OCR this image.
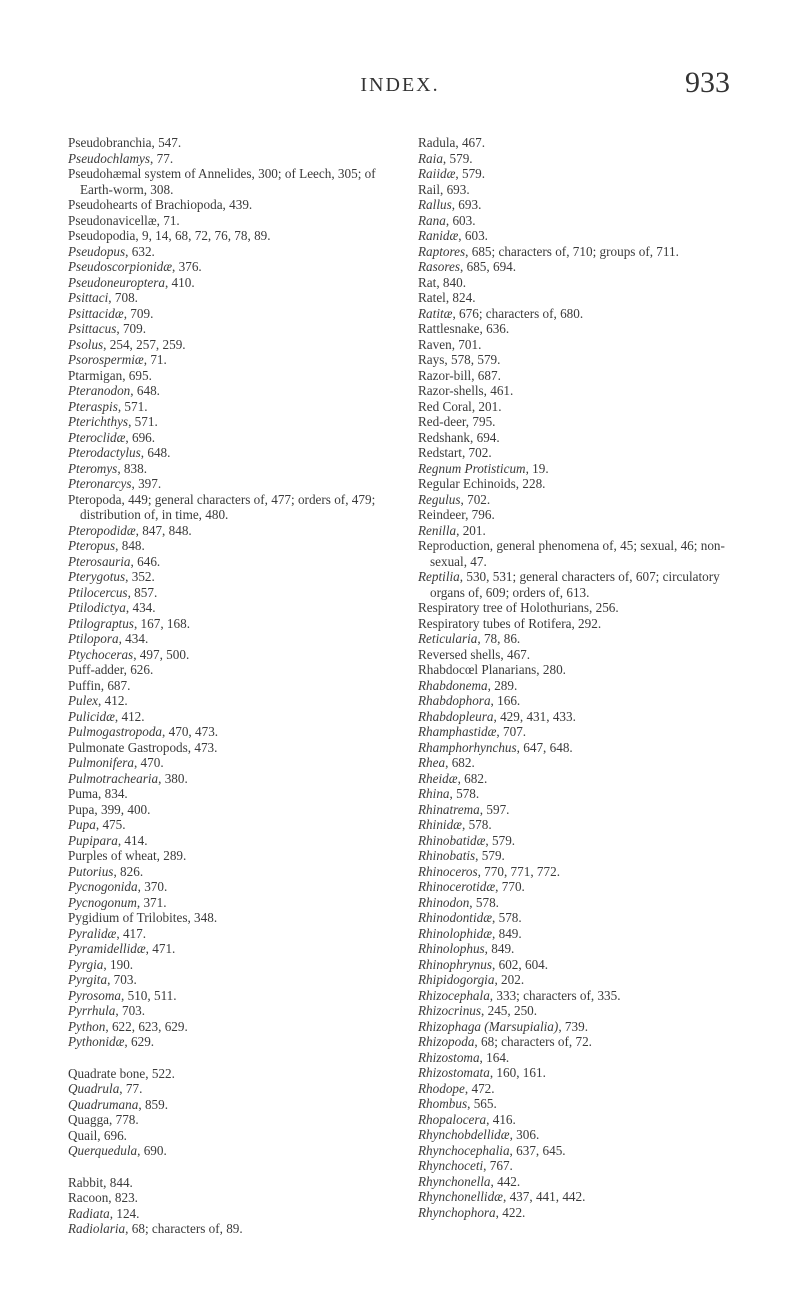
INDEX.	933

Pseudobranchia, 547.

Pseudochlamys, 77.

Pseudohæmal system of Annelides, 300; of Leech, 305; of Earth-worm, 308.

Pseudohearts of Brachiopoda, 439.

Pseudonavicellæ, 71.

Pseudopodia, 9, 14, 68, 72, 76, 78, 89.

Pseudopus, 632.

Pseudoscorpionidæ, 376.

Pseudoneuroptera, 410.

Psittaci, 708.

Psittacidæ, 709.

Psittacus, 709.

Psolus, 254, 257, 259.

Psorospermiæ, 71.

Ptarmigan, 695.

Pteranodon, 648.

Pteraspis, 571.

Pterichthys, 571.

Pteroclidæ, 696.

Pterodactylus, 648.

Pteromys, 838.

Pteronarcys, 397.

Pteropoda, 449; general characters of, 477; orders of, 479; distribution of, in time, 480.

Pteropodidæ, 847, 848.

Pteropus, 848.

Pterosauria, 646.

Pterygotus, 352.

Ptilocercus, 857.

Ptilodictya, 434.

Ptilograptus, 167, 168.

Ptilopora, 434.

Ptychoceras, 497, 500.

Puff-adder, 626.

Puffin, 687.

Pulex, 412.

Pulicidæ, 412.

Pulmogastropoda, 470, 473.

Pulmonate Gastropods, 473.

Pulmonifera, 470.

Pulmotrachearia, 380.

Puma, 834.

Pupa, 399, 400.

Pupa, 475.

Pupipara, 414.

Purples of wheat, 289.

Putorius, 826.

Pycnogonida, 370.

Pycnogonum, 371.

Pygidium of Trilobites, 348.

Pyralidæ, 417.

Pyramidellidæ, 471.

Pyrgia, 190.

Pyrgita, 703.

Pyrosoma, 510, 511.

Pyrrhula, 703.

Python, 622, 623, 629.

Pythonidæ, 629.

Quadrate bone, 522.

Quadrula, 77.

Quadrumana, 859.

Quagga, 778.

Quail, 696.

Querquedula, 690.

Rabbit, 844.

Racoon, 823.

Radiata, 124.

Radiolaria, 68; characters of, 89.

Radula, 467.

Raia, 579.

Raiidæ, 579.

Rail, 693.

Rallus, 693.

Rana, 603.

Ranidæ, 603.

Raptores, 685; characters of, 710; groups of, 711.

Rasores, 685, 694.

Rat, 840.

Ratel, 824.

Ratitæ, 676; characters of, 680.

Rattlesnake, 636.

Raven, 701.

Rays, 578, 579.

Razor-bill, 687.

Razor-shells, 461.

Red Coral, 201.

Red-deer, 795.

Redshank, 694.

Redstart, 702.

Regnum Protisticum, 19.

Regular Echinoids, 228.

Regulus, 702.

Reindeer, 796.

Renilla, 201.

Reproduction, general phenomena of, 45; sexual, 46; non-sexual, 47.

Reptilia, 530, 531; general characters of, 607; circulatory organs of, 609; orders of, 613.

Respiratory tree of Holothurians, 256.

Respiratory tubes of Rotifera, 292.

Reticularia, 78, 86.

Reversed shells, 467.

Rhabdocœl Planarians, 280.

Rhabdonema, 289.

Rhabdophora, 166.

Rhabdopleura, 429, 431, 433.

Rhamphastidæ, 707.

Rhamphorhynchus, 647, 648.

Rhea, 682.

Rheidæ, 682.

Rhina, 578.

Rhinatrema, 597.

Rhinidæ, 578.

Rhinobatidæ, 579.

Rhinobatis, 579.

Rhinoceros, 770, 771, 772.

Rhinocerotidæ, 770.

Rhinodon, 578.

Rhinodontidæ, 578.

Rhinolophidæ, 849.

Rhinolophus, 849.

Rhinophrynus, 602, 604.

Rhipidogorgia, 202.

Rhizocephala, 333; characters of, 335.

Rhizocrinus, 245, 250.

Rhizophaga (Marsupialia), 739.

Rhizopoda, 68; characters of, 72.

Rhizostoma, 164.

Rhizostomata, 160, 161.

Rhodope, 472.

Rhombus, 565.

Rhopalocera, 416.

Rhynchobdellidæ, 306.

Rhynchocephalia, 637, 645.

Rhynchoceti, 767.

Rhynchonella, 442.

Rhynchonellidæ, 437, 441, 442.

Rhynchophora, 422.
